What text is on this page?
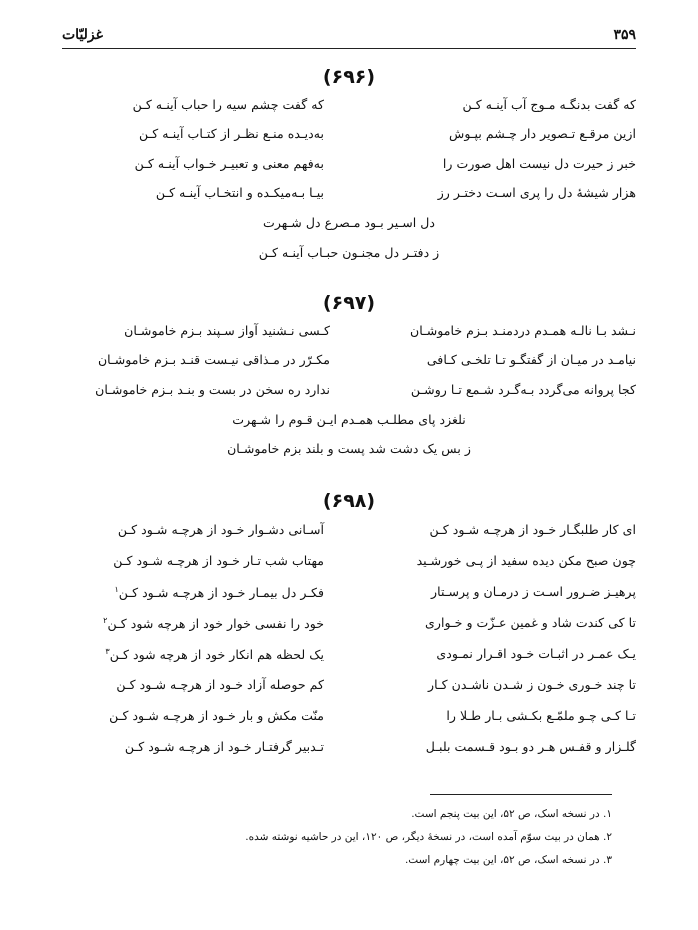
۳۵۹
غزلیّات
(۶۹۶)
که گفت بدنگـه مـوج آب آینـه کـن
که گفت چشم سیه را حباب آینـه کـن
ازین مرقـع تـصویر دار چـشم بپـوش
بەدیـده منـع نظـر از کتـاب آینـه کـن
خبر ز حیرت دل نیست اهل صورت را
بەفهم معنی و تعبیـر خـواب آینـه کـن
هزار شیشهٔ دل را پری اسـت دختـر رز
بیـا بـەمیکـده و انتخـاب آینـه کـن
دل اسـیر بـود مـصرع دل شـهرت
ز دفتـر دل مجنـون حبـاب آینـه کـن
(۶۹۷)
نـشد بـا نالـه همـدم دردمنـد بـزم خاموشـان
کـسی نـشنید آواز سـپند بـزم خاموشـان
نیامـد در میـان از گفتگـو تـا تلخـی کـافی
مکـرّر در مـذاقی نیـست قنـد بـزم خاموشـان
کجا پروانه می‌گردد بـەگـرد شـمع تـا روشـن
ندارد ره سخن در بست و بنـد بـزم خاموشـان
نلغزد پای مطلـب همـدم ایـن قـوم را شـهرت
ز بس یک دشت شد پست و بلند بزم خاموشـان
(۶۹۸)
ای کار طلبگـار خـود از هرچـه شـود کـن
آسـانی دشـوار خـود از هرچـه شـود کـن
چون صبح مکن دیده سفید از پـی خورشـید
مهتاب شب تـار خـود از هرچـه شـود کـن
پرهیـز ضـرور اسـت ز درمـان و پرسـتار
فکـر دل بیمـار خـود از هرچـه شـود کـن$^۱$
تا کی کندت شاد و غمین عـزّت و خـواری
خود را نفسی خوار خود از هرچه شود کـن$^۲$
یـک عمـر در اثبـات خـود اقـرار نمـودی
یک لحظه هم انکار خود از هرچه شود کـن$^۳$
تا چند خـوری خـون ز شـدن ناشـدن کـار
کم حوصله آزاد خـود از هرچـه شـود کـن
تـا کـی چـو ملمّـع بکـشی بـار طـلا را
منّت مکش و بار خـود از هرچـه شـود کـن
گلـزار و قفـس هـر دو بـود قـسمت بلبـل
تـدبیر گرفتـار خـود از هرچـه شـود کـن
۱. در نسخه اسک، ص ۵۲، این بیت پنجم است.
۲. همان در بیت سوّم آمده است، در نسخهٔ دیگر، ص ۱۲۰، این در حاشیه نوشته شده.
۳. در نسخه اسک، ص ۵۲، این بیت چهارم است.
